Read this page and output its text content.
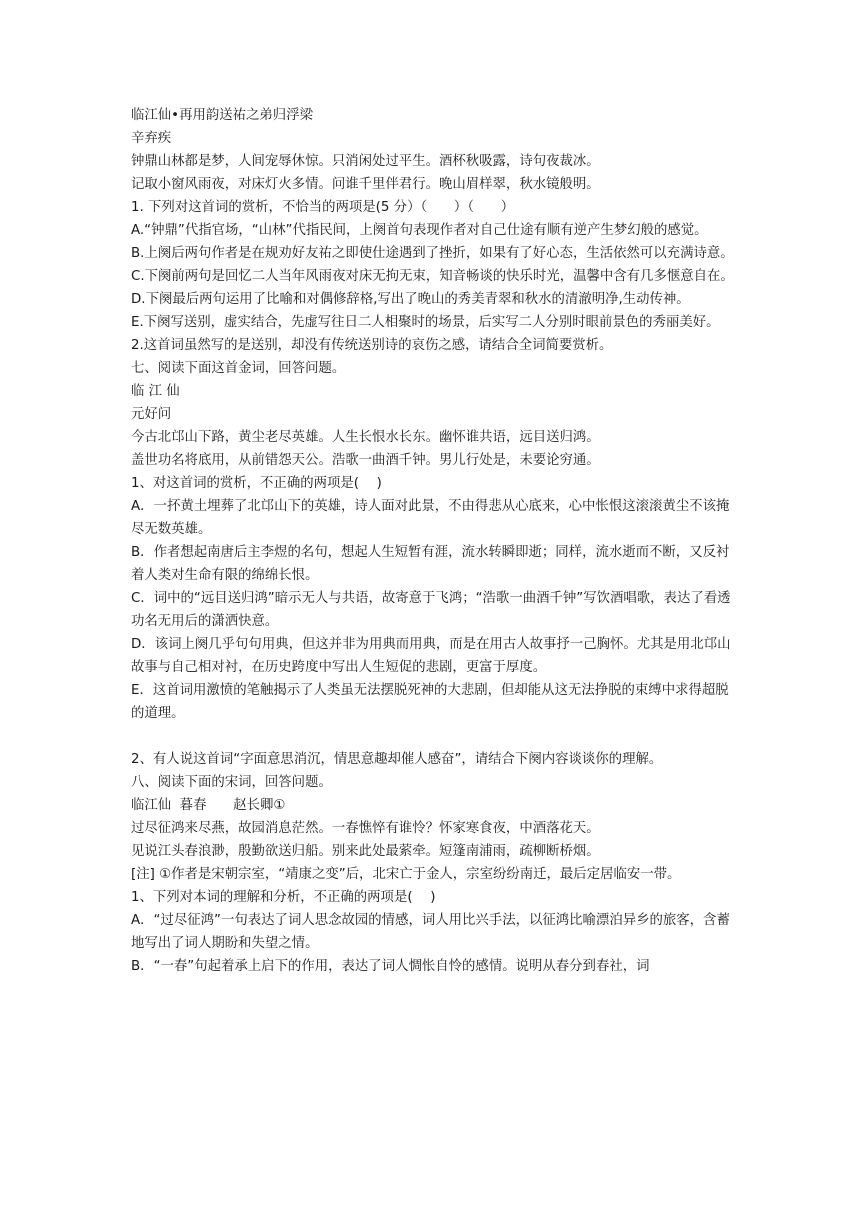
临江仙•再用韵送祐之弟归浮梁

辛弃疾

钟鼎山林都是梦，人间宠辱休惊。只消闲处过平生。酒杯秋吸露，诗句夜裁冰。

记取小窗风雨夜，对床灯火多情。问谁千里伴君行。晚山眉样翠，秋水镜般明。

1. 下列对这首词的赏析，不恰当的两项是(5 分）（　　）（　　）

A.“钟鼎”代指官场，“山林”代指民间，上阕首句表现作者对自己仕途有顺有逆产生梦幻般的感觉。

B.上阕后两句作者是在规劝好友祐之即使仕途遇到了挫折，如果有了好心态，生活依然可以充满诗意。

C.下阕前两句是回忆二人当年风雨夜对床无拘无束，知音畅谈的快乐时光，温馨中含有几多惬意自在。

D.下阕最后两句运用了比喻和对偶修辞格,写出了晚山的秀美青翠和秋水的清澈明净,生动传神。

E.下阕写送别，虚实结合，先虚写往日二人相聚时的场景，后实写二人分别时眼前景色的秀丽美好。

2.这首词虽然写的是送别，却没有传统送别诗的哀伤之感，请结合全词简要赏析。

七、阅读下面这首金词，回答问题。

临 江 仙

元好问

今古北邙山下路，黄尘老尽英雄。人生长恨水长东。幽怀谁共语，远目送归鸿。

盖世功名将底用，从前错怨天公。浩歌一曲酒千钟。男儿行处是，未要论穷通。

1、对这首词的赏析，不正确的两项是(　 )

A．一抔黄土埋葬了北邙山下的英雄，诗人面对此景，不由得悲从心底来，心中怅恨这滚滚黄尘不该掩尽无数英雄。

B．作者想起南唐后主李煜的名句，想起人生短暂有涯，流水转瞬即逝；同样，流水逝而不断，又反衬着人类对生命有限的绵绵长恨。

C．词中的“远目送归鸿”暗示无人与共语，故寄意于飞鸿；“浩歌一曲酒千钟”写饮酒唱歌，表达了看透功名无用后的潇洒快意。

D．该词上阕几乎句句用典，但这并非为用典而用典，而是在用古人故事抒一己胸怀。尤其是用北邙山故事与自己相对衬，在历史跨度中写出人生短促的悲剧，更富于厚度。

E．这首词用激愤的笔触揭示了人类虽无法摆脱死神的大悲剧，但却能从这无法挣脱的束缚中求得超脱的道理。

2、有人说这首词“字面意思消沉，情思意趣却催人感奋”，请结合下阕内容谈谈你的理解。

八、阅读下面的宋词，回答问题。

临江仙  暮春　　赵长卿①

过尽征鸿来尽燕，故园消息茫然。一春憔悴有谁怜？怀家寒食夜，中酒落花天。

见说江头春浪渺，殷勤欲送归船。别来此处最萦牵。短篷南浦雨，疏柳断桥烟。

[注] ①作者是宋朝宗室，“靖康之变”后，北宋亡于金人，宗室纷纷南迁，最后定居临安一带。

1、下列对本词的理解和分析，不正确的两项是(　 )

A．“过尽征鸿”一句表达了词人思念故园的情感，词人用比兴手法，以征鸿比喻漂泊异乡的旅客，含蓄地写出了词人期盼和失望之情。

B．“一春”句起着承上启下的作用，表达了词人惆怅自怜的感情。说明从春分到春社，词
